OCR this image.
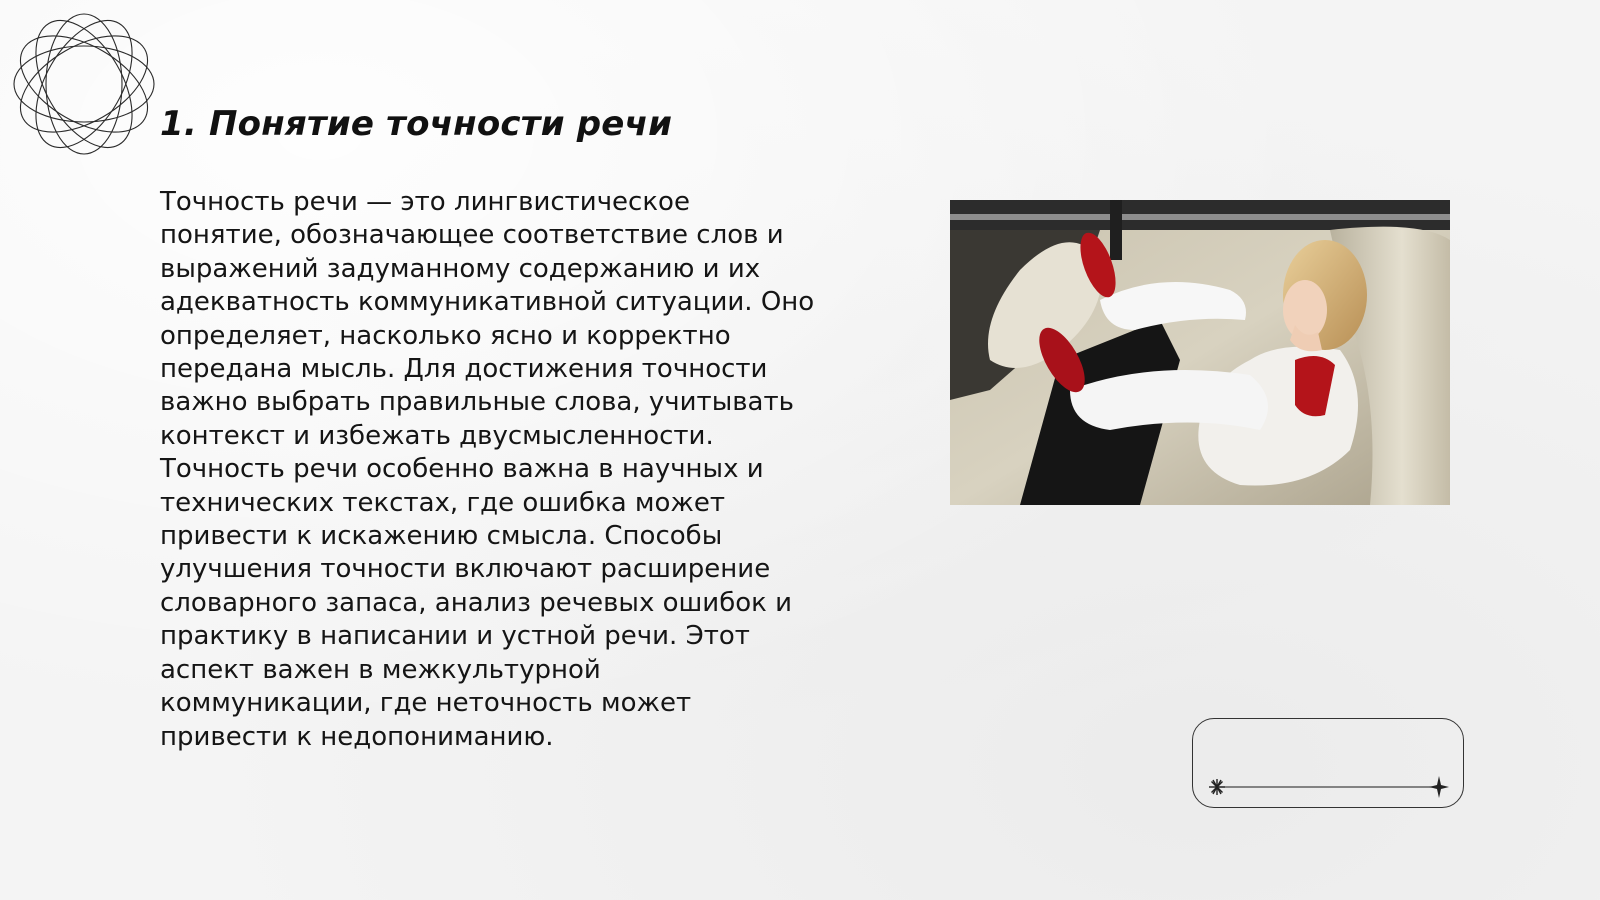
1. Понятие точности речи

Точность речи — это лингвистическое понятие, обозначающее соответствие слов и выражений задуманному содержанию и их адекватность коммуникативной ситуации. Оно определяет, насколько ясно и корректно передана мысль. Для достижения точности важно выбрать правильные слова, учитывать контекст и избежать двусмысленности. Точность речи особенно важна в научных и технических текстах, где ошибка может привести к искажению смысла. Способы улучшения точности включают расширение словарного запаса, анализ речевых ошибок и практику в написании и устной речи. Этот аспект важен в межкультурной коммуникации, где неточность может привести к недопониманию.
